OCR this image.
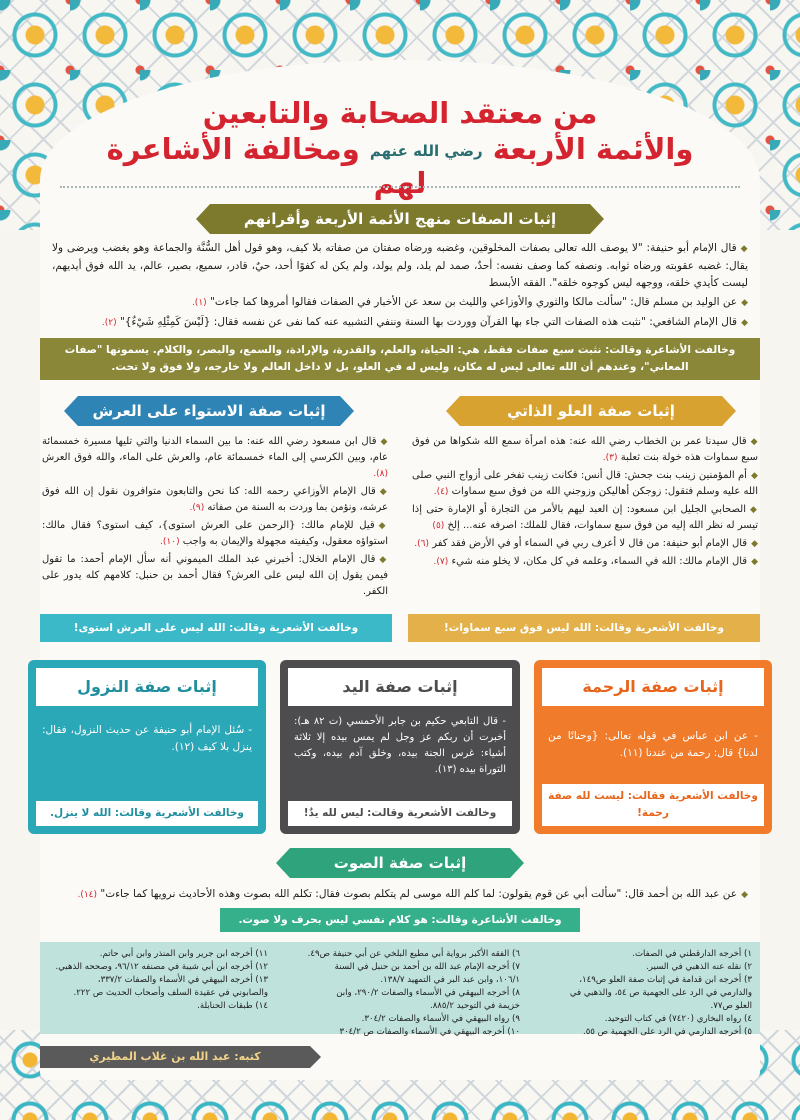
من معتقد الصحابة والتابعين
والأئمة الأربعة رضي الله عنهم ومخالفة الأشاعرة لهم
إثبات الصفات منهج الأئمة الأربعة وأقرانهم

◆قال الإمام أبو حنيفة: "لا يوصف الله تعالى بصفات المخلوقين، وغضبه ورضاه صفتان من صفاته بلا كيف، وهو قول أهل السُّنَّة والجماعة وهو يغضب ويرضى ولا يقال: غضبه عقوبته ورضاه ثوابه. ونصفه كما وصف نفسه: أحدٌ، صمد لم يلد، ولم يولد، ولم يكن له كفوًا أحد، حيٌ، قادر، سميع، بصير، عالم، يد الله فوق أيديهم، ليست كأيدي خلقه، ووجهه ليس كوجوه خلقه". الفقه الأبسط

◆عن الوليد بن مسلم قال: "سألت مالكا والثوري والأوزاعي والليث بن سعد عن الأخبار في الصفات فقالوا أمروها كما جاءت" (١).

◆قال الإمام الشافعي: "نثبت هذه الصفات التي جاء بها القرآن ووردت بها السنة وننفي التشبيه عنه كما نفى عن نفسه فقال: {لَيْسَ كَمِثْلِهِ شَيْءٌ}" (٢).

وخالفت الأشاعرة وقالت: نثبت سبع صفات فقط، هي: الحياة، والعلم، والقدرة، والإرادة، والسمع، والبصر، والكلام. يسمونها "صفات المعاني"، وعندهم أن الله تعالى ليس له مكان، وليس له في العلو، بل لا داخل العالم ولا خارجه، ولا فوق ولا تحت.
إثبات صفة الاستواء على العرش

◆قال ابن مسعود رضي الله عنه: ما بين السماء الدنيا والتي تليها مسيرة خمسمائة عام، وبين الكرسي إلى الماء خمسمائة عام، والعرش على الماء، والله فوق العرش (٨).

◆قال الإمام الأوزاعي رحمه الله: كنا نحن والتابعون متوافرون نقول إن الله فوق عرشه، ونؤمن بما وردت به السنة من صفاته (٩).

◆قيل للإمام مالك: {الرحمن على العرش استوى}، كيف استوى؟ فقال مالك: استواؤه معقول، وكيفيته مجهولة والإيمان به واجب (١٠).

◆قال الإمام الخلال: أخبرني عبد الملك الميموني أنه سأل الإمام أحمد: ما تقول فيمن يقول إن الله ليس على العرش؟ فقال أحمد بن حنبل: كلامهم كله يدور على الكفر.

وخالفت الأشعرية وقالت: الله ليس على العرش استوى!
إثبات صفة العلو الذاتي

◆قال سيدنا عمر بن الخطاب رضي الله عنه: هذه امرأة سمع الله شكواها من فوق سبع سماوات هذه خولة بنت ثعلبة (٣).

◆أم المؤمنين زينب بنت جحش: قال أنس: فكانت زينب تفخر على أزواج النبي صلى الله عليه وسلم فتقول: زوجكن أهاليكن وزوجني الله من فوق سبع سماوات (٤).

◆الصحابي الجليل ابن مسعود: إن العبد ليهم بالأمر من التجارة أو الإمارة حتى إذا تيسر له نظر الله إليه من فوق سبع سماوات، فقال للملك: اصرفه عنه... إلخ (٥)

◆قال الإمام أبو حنيفة: من قال لا أعرف ربي في السماء أو في الأرض فقد كفر (٦).

◆قال الإمام مالك: الله في السماء، وعلمه في كل مكان، لا يخلو منه شيء (٧).

وخالفت الأشعرية وقالت: الله ليس فوق سبع سماوات!
إثبات صفة النزول
- سُئل الإمام أبو حنيفة عن حديث النزول، فقال: ينزل بلا كيف (١٢).
وخالفت الأشعرية وقالت: الله لا ينزل.
إثبات صفة اليد
- قال التابعي حكيم بن جابر الأحمسي (ت ٨٢ هـ): أخبرت أن ربكم عز وجل لم يمس بيده إلا ثلاثة أشياء: غرس الجنة بيده، وخلق آدم بيده، وكتب التوراة بيده (١٣).
وخالفت الأشعرية وقالت: ليس لله يدٌ!
إثبات صفة الرحمة
- عن ابن عباس في قوله تعالى: {وحنانًا من لدنا} قال: رحمة من عندنا (١١).
وخالفت الأشعرية فقالت: ليست لله صفة رحمة!
إثبات صفة الصوت

◆عن عبد الله بن أحمد قال: "سألت أبي عن قوم يقولون: لما كلم الله موسى لم يتكلم بصوت فقال: تكلم الله بصوت وهذه الأحاديث نرويها كما جاءت" (١٤).

وخالفت الأشاعرة وقالت: هو كلام نفسي ليس بحرف ولا صوت.

١) أخرجه الدارقطني في الصفات.

٢) نقله عنه الذهبي في السير.

٣) أخرجه ابن قدامة في إثبات صفة العلو ص١٤٩،

والدارمي في الرد على الجهمية ص ٥٤، والذهبي في

العلو ص٧٧.

٤) رواه البخاري (٧٤٢٠) في كتاب التوحيد.

٥) أخرجه الدارمي في الرد على الجهمية ص ٥٥.

٦) الفقه الأكبر برواية أبي مطيع البلخي عن أبي حنيفة ص٤٩.

٧) أخرجه الإمام عبد الله بن أحمد بن حنبل في السنة

١٠٦/١، وابن عبد البر في التمهيد ١٣٨/٧.

٨) أخرجه البيهقي في الأسماء والصفات ٢٩٠/٢، وابن

خزيمة في التوحيد ٨٨٥/٢.

٩) رواه البيهقي في الأسماء والصفات ٣٠٤/٢.

١٠) أخرجه البيهقي في الأسماء والصفات ص ٣٠٤/٢

١١) أخرجه ابن جرير وابن المنذر وابن أبي حاتم.

١٢) أخرجه ابن أبي شيبة في مصنفه ٩٦/١٢، وصححه الذهبي.

١٣) أخرجه البيهقي في الأسماء والصفات ٣٣٧/٢،

والصابوني في عقيدة السلف وأصحاب الحديث ص ٢٢٢.

١٤) طبقات الحنابلة.

كتبه: عبد الله بن غلاب المطيري
